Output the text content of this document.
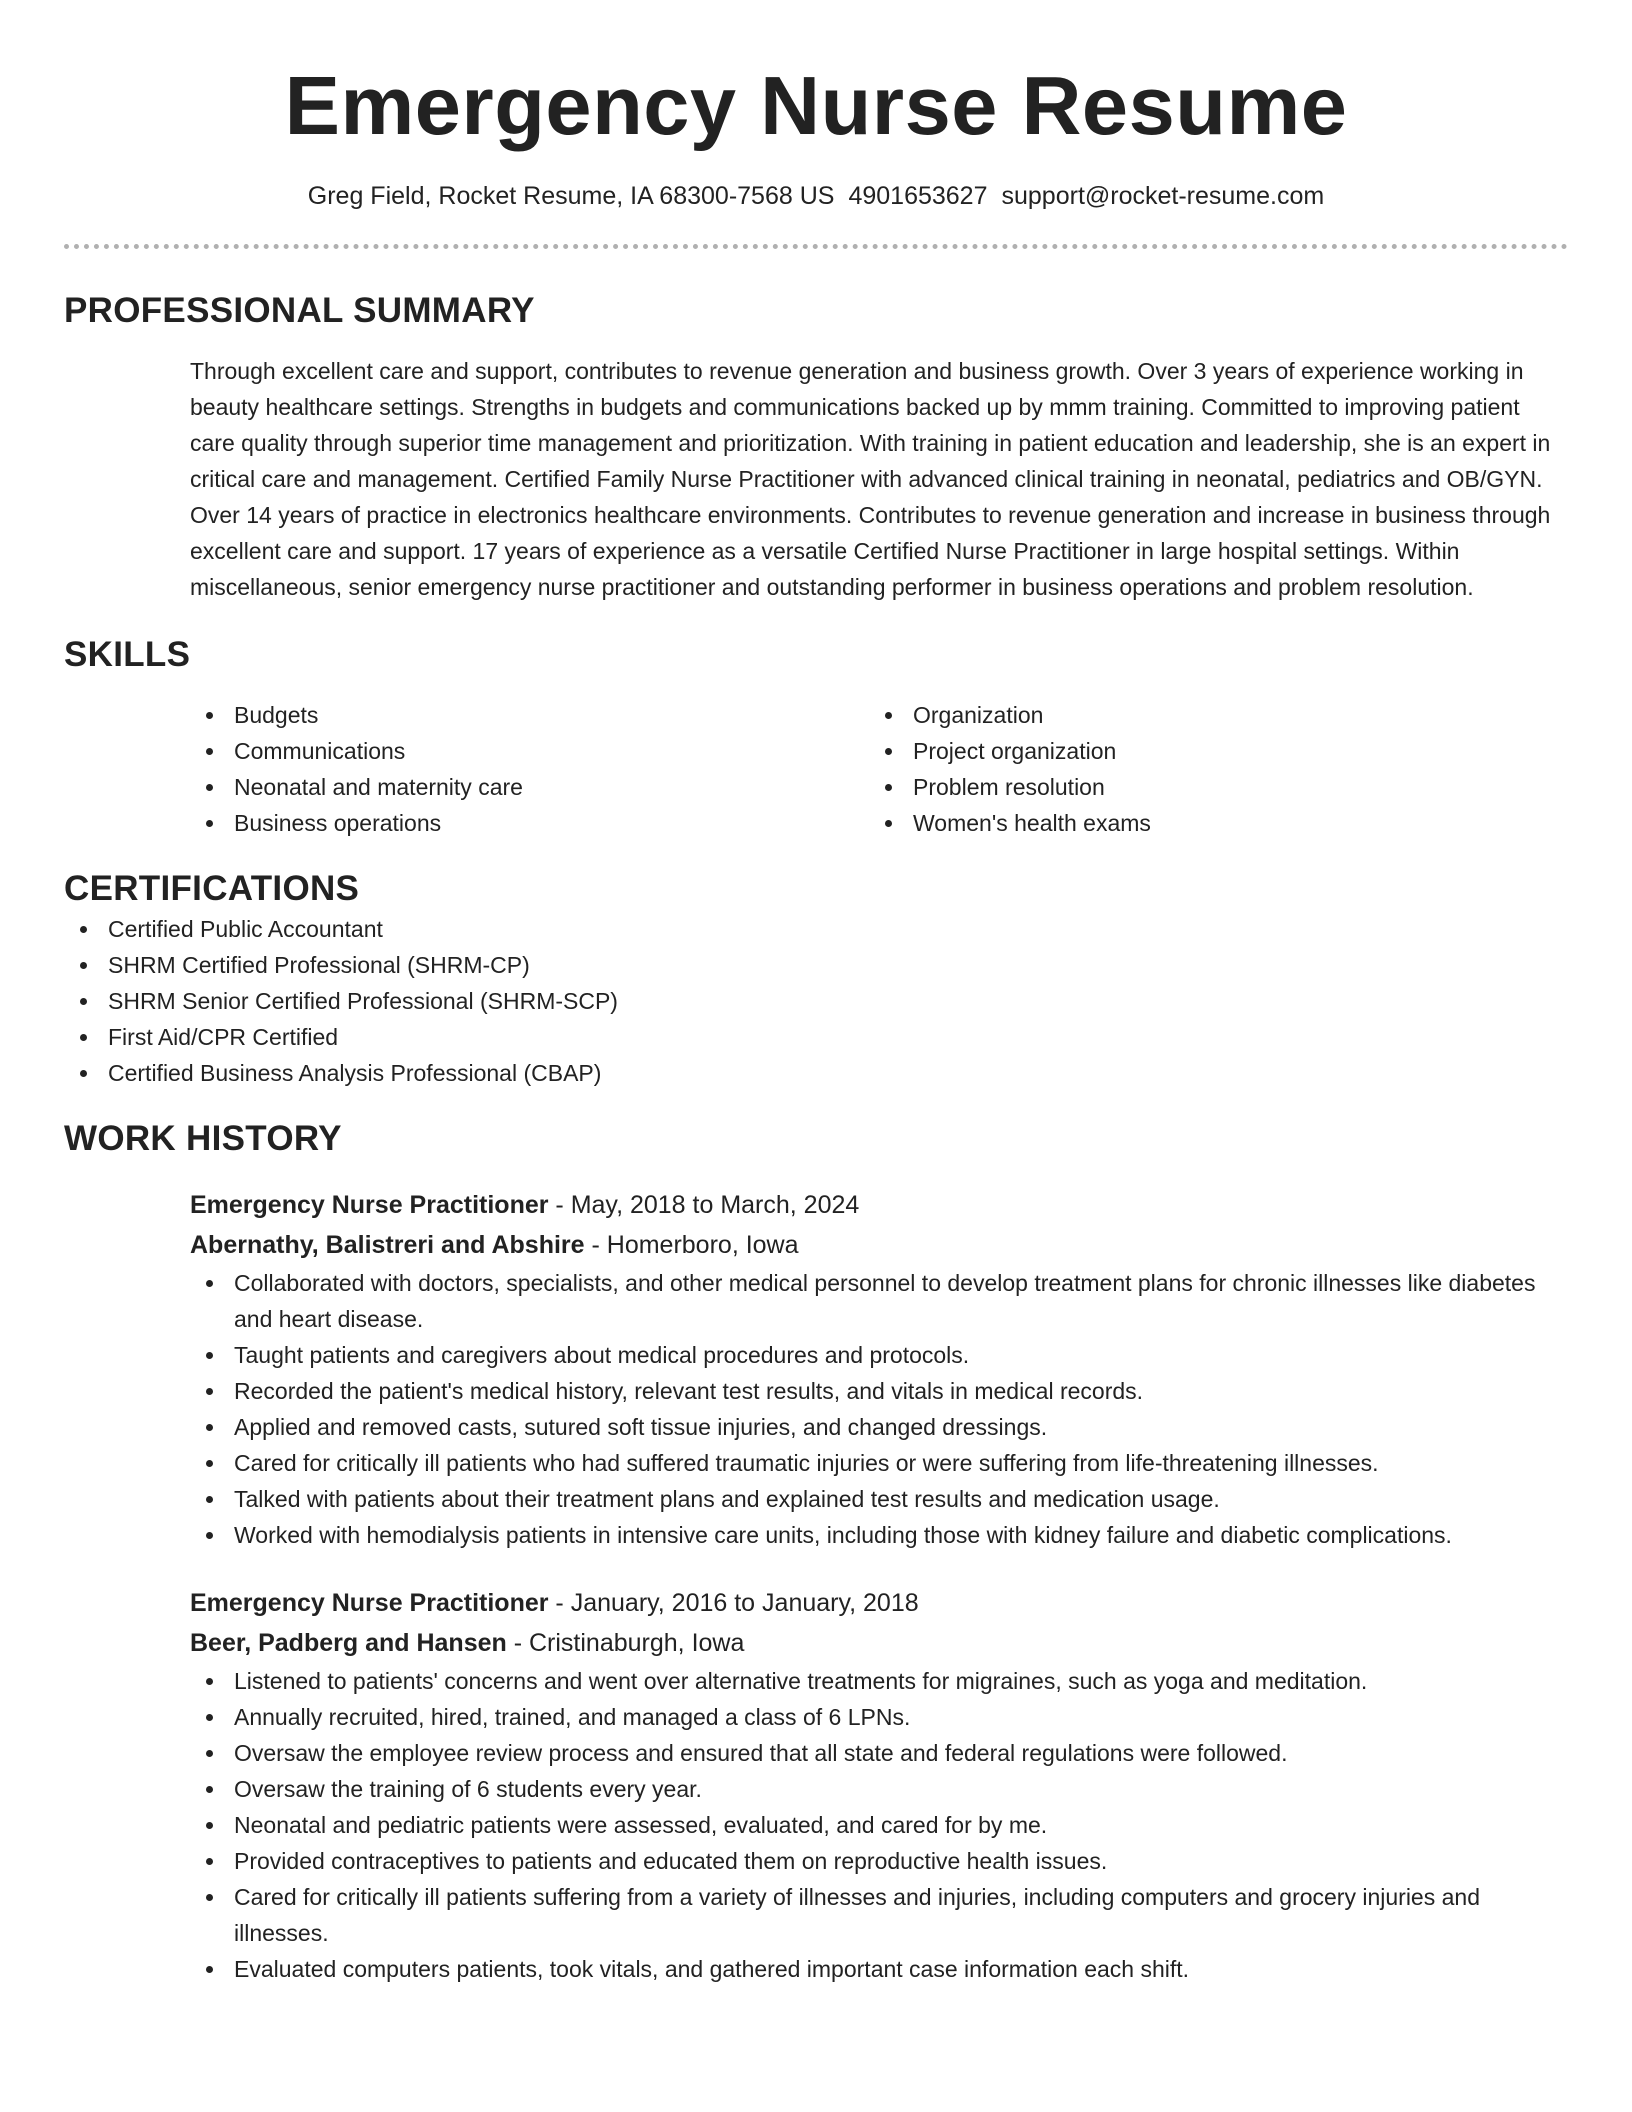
Emergency Nurse Resume
Greg Field, Rocket Resume, IA 68300-7568 US 4901653627 support@rocket-resume.com
PROFESSIONAL SUMMARY

Through excellent care and support, contributes to revenue generation and business growth. Over 3 years of experience working in beauty healthcare settings. Strengths in budgets and communications backed up by mmm training. Committed to improving patient care quality through superior time management and prioritization. With training in patient education and leadership, she is an expert in critical care and management. Certified Family Nurse Practitioner with advanced clinical training in neonatal, pediatrics and OB/GYN. Over 14 years of practice in electronics healthcare environments. Contributes to revenue generation and increase in business through excellent care and support. 17 years of experience as a versatile Certified Nurse Practitioner in large hospital settings. Within miscellaneous, senior emergency nurse practitioner and outstanding performer in business operations and problem resolution.

SKILLS
Budgets
Communications
Neonatal and maternity care
Business operations
Organization
Project organization
Problem resolution
Women's health exams
CERTIFICATIONS
Certified Public Accountant
SHRM Certified Professional (SHRM-CP)
SHRM Senior Certified Professional (SHRM-SCP)
First Aid/CPR Certified
Certified Business Analysis Professional (CBAP)
WORK HISTORY
Emergency Nurse Practitioner - May, 2018 to March, 2024
Abernathy, Balistreri and Abshire - Homerboro, Iowa
Collaborated with doctors, specialists, and other medical personnel to develop treatment plans for chronic illnesses like diabetes and heart disease.
Taught patients and caregivers about medical procedures and protocols.
Recorded the patient's medical history, relevant test results, and vitals in medical records.
Applied and removed casts, sutured soft tissue injuries, and changed dressings.
Cared for critically ill patients who had suffered traumatic injuries or were suffering from life-threatening illnesses.
Talked with patients about their treatment plans and explained test results and medication usage.
Worked with hemodialysis patients in intensive care units, including those with kidney failure and diabetic complications.
Emergency Nurse Practitioner - January, 2016 to January, 2018
Beer, Padberg and Hansen - Cristinaburgh, Iowa
Listened to patients' concerns and went over alternative treatments for migraines, such as yoga and meditation.
Annually recruited, hired, trained, and managed a class of 6 LPNs.
Oversaw the employee review process and ensured that all state and federal regulations were followed.
Oversaw the training of 6 students every year.
Neonatal and pediatric patients were assessed, evaluated, and cared for by me.
Provided contraceptives to patients and educated them on reproductive health issues.
Cared for critically ill patients suffering from a variety of illnesses and injuries, including computers and grocery injuries and illnesses.
Evaluated computers patients, took vitals, and gathered important case information each shift.
